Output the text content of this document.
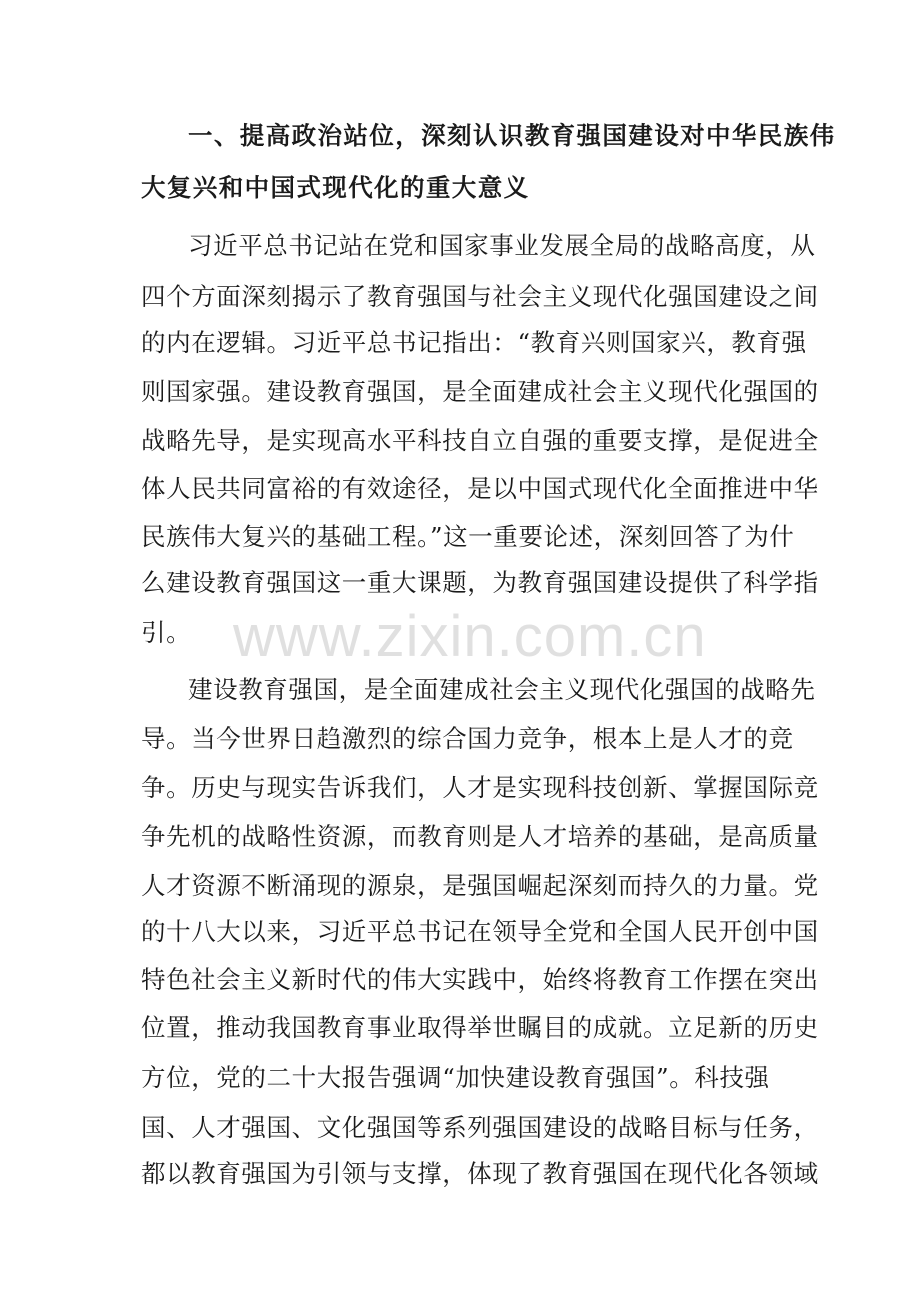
一、提高政治站位，深刻认识教育强国建设对中华民族伟
大复兴和中国式现代化的重大意义
习近平总书记站在党和国家事业发展全局的战略高度，从
四个方面深刻揭示了教育强国与社会主义现代化强国建设之间
的内在逻辑。习近平总书记指出：“教育兴则国家兴，教育强
则国家强。建设教育强国，是全面建成社会主义现代化强国的
战略先导，是实现高水平科技自立自强的重要支撑，是促进全
体人民共同富裕的有效途径，是以中国式现代化全面推进中华
民族伟大复兴的基础工程。”这一重要论述，深刻回答了为什
么建设教育强国这一重大课题，为教育强国建设提供了科学指
引。
建设教育强国，是全面建成社会主义现代化强国的战略先
导。当今世界日趋激烈的综合国力竞争，根本上是人才的竞
争。历史与现实告诉我们，人才是实现科技创新、掌握国际竞
争先机的战略性资源，而教育则是人才培养的基础，是高质量
人才资源不断涌现的源泉，是强国崛起深刻而持久的力量。党
的十八大以来，习近平总书记在领导全党和全国人民开创中国
特色社会主义新时代的伟大实践中，始终将教育工作摆在突出
位置，推动我国教育事业取得举世瞩目的成就。立足新的历史
方位，党的二十大报告强调“加快建设教育强国”。科技强
国、人才强国、文化强国等系列强国建设的战略目标与任务，
都以教育强国为引领与支撑，体现了教育强国在现代化各领域
www.zixin.com.cn
